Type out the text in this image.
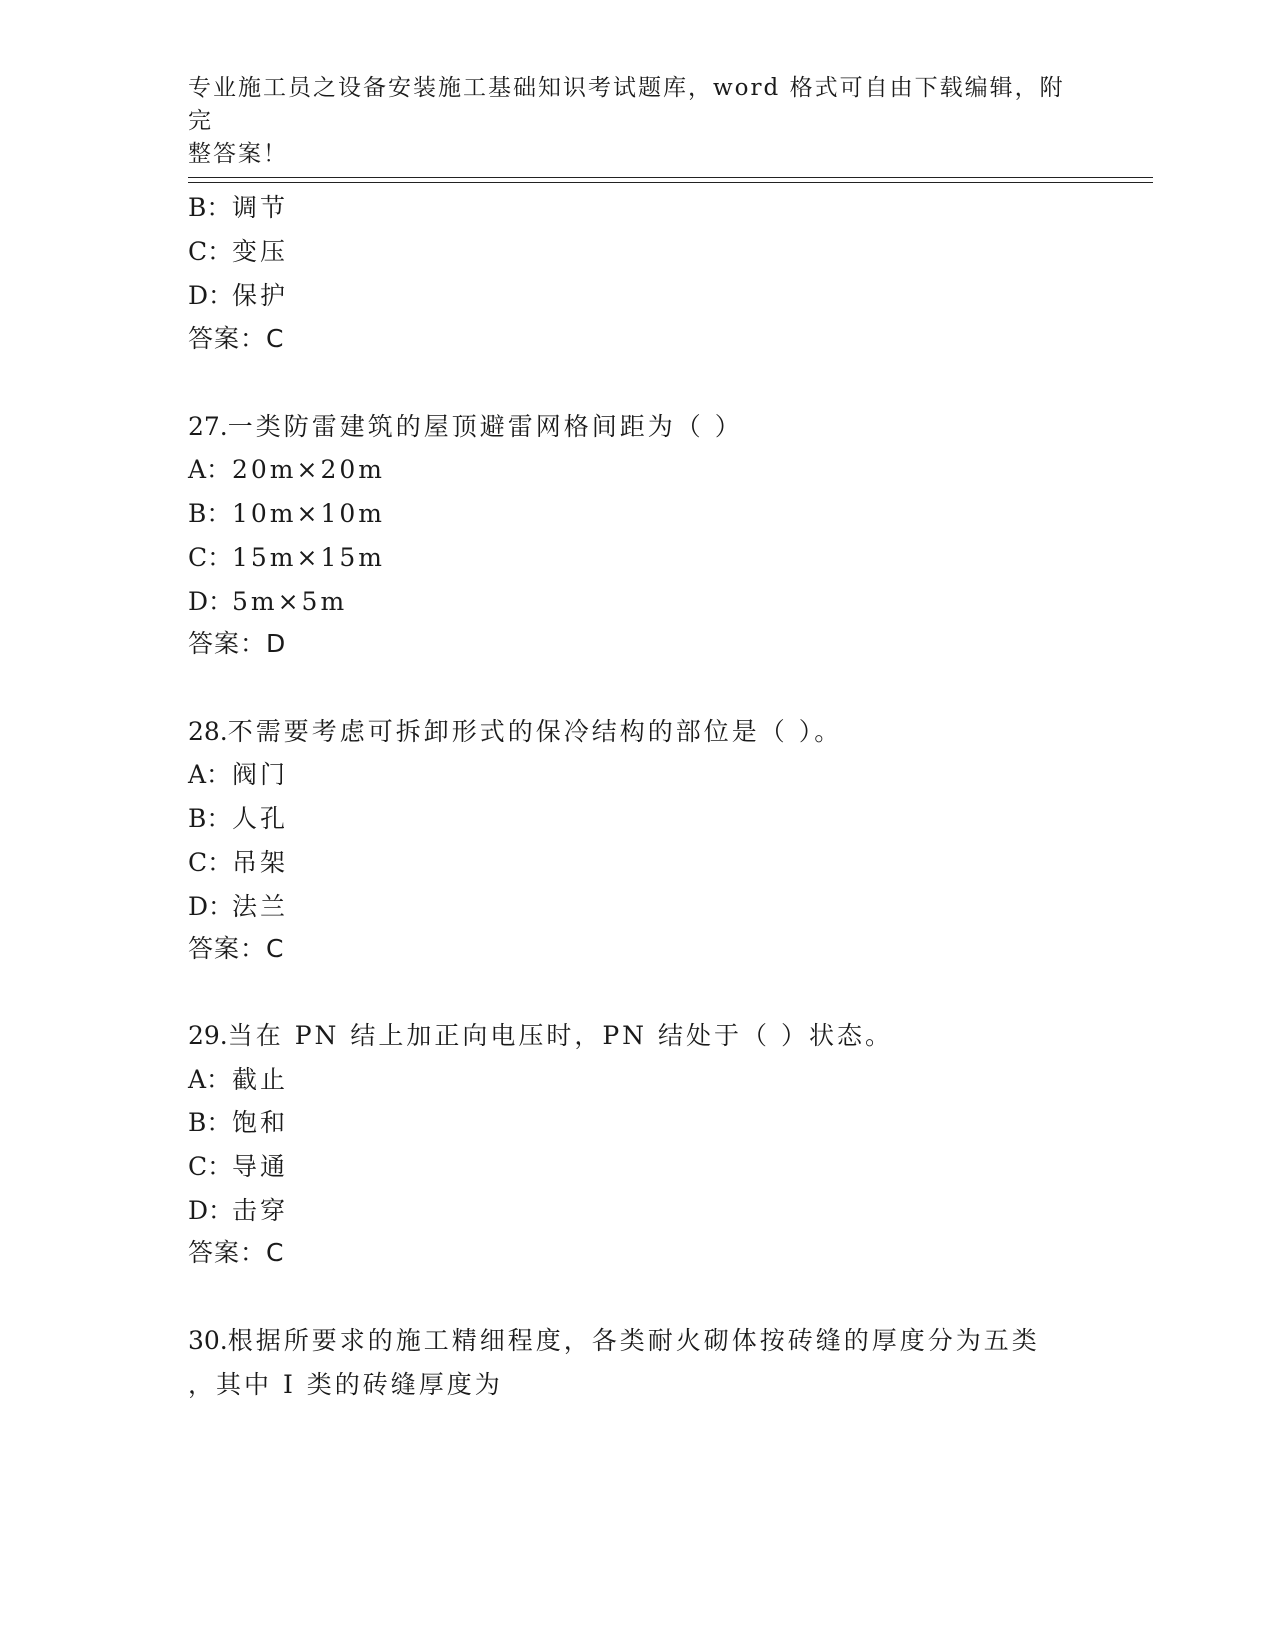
专业施工员之设备安装施工基础知识考试题库，word 格式可自由下载编辑，附完
整答案！
B：调节
C：变压
D：保护
答案：C
27.一类防雷建筑的屋顶避雷网格间距为（ ）
A：20m×20m
B：10m×10m
C：15m×15m
D：5m×5m
答案：D
28.不需要考虑可拆卸形式的保冷结构的部位是（ ）。
A：阀门
B：人孔
C：吊架
D：法兰
答案：C
29.当在 PN 结上加正向电压时，PN 结处于（ ）状态。
A：截止
B：饱和
C：导通
D：击穿
答案：C
30.根据所要求的施工精细程度，各类耐火砌体按砖缝的厚度分为五类
，其中 I 类的砖缝厚度为
